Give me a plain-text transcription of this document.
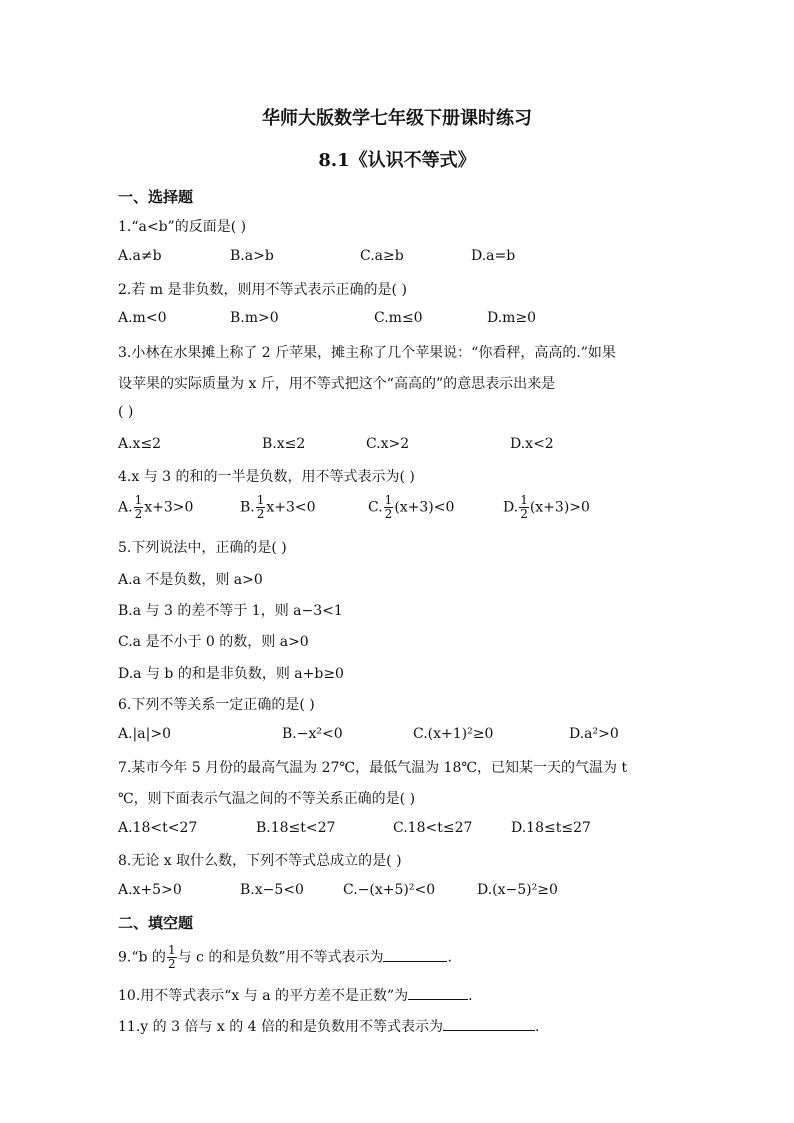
华师大版数学七年级下册课时练习
8.1《认识不等式》
一、选择题
1.“a<b”的反面是( )
A.a≠b	B.a>b	C.a≥b	D.a=b
2.若 m 是非负数，则用不等式表示正确的是( )
A.m<0	B.m>0	C.m≤0	D.m≥0
3.小林在水果摊上称了 2 斤苹果，摊主称了几个苹果说：“你看秤，高高的.”如果
设苹果的实际质量为 x 斤，用不等式把这个“高高的”的意思表示出来是
( )
A.x≤2	B.x≤2	C.x>2	D.x<2
4.x 与 3 的和的一半是负数，用不等式表示为( )
A. $\frac{1}{2} x+3>0$	B. $\frac{1}{2} x+3<0$	C. $\frac{1}{2} (x+3)<0$	D. $\frac{1}{2} (x+3)>0$
5.下列说法中，正确的是( )
A.a 不是负数，则 a>0
B.a 与 3 的差不等于 1，则 a−3<1
C.a 是不小于 0 的数，则 a>0
D.a 与 b 的和是非负数，则 a+b≥0
6.下列不等关系一定正确的是( )
A.|a|>0	B.−x²<0	C.(x+1)²≥0	D.a²>0
7.某市今年 5 月份的最高气温为 27℃，最低气温为 18℃，已知某一天的气温为 t
℃，则下面表示气温之间的不等关系正确的是( )
A.18<t<27	B.18≤t<27	C.18<t≤27	D.18≤t≤27
8.无论 x 取什么数，下列不等式总成立的是( )
A.x+5>0	B.x−5<0	C.−(x+5)²<0	D.(x−5)²≥0
二、填空题
9.“b 的 $\frac{1}{2}$ 与 c 的和是负数”用不等式表示为	.
10.用不等式表示“x 与 a 的平方差不是正数”为	.
11.y 的 3 倍与 x 的 4 倍的和是负数用不等式表示为	.
